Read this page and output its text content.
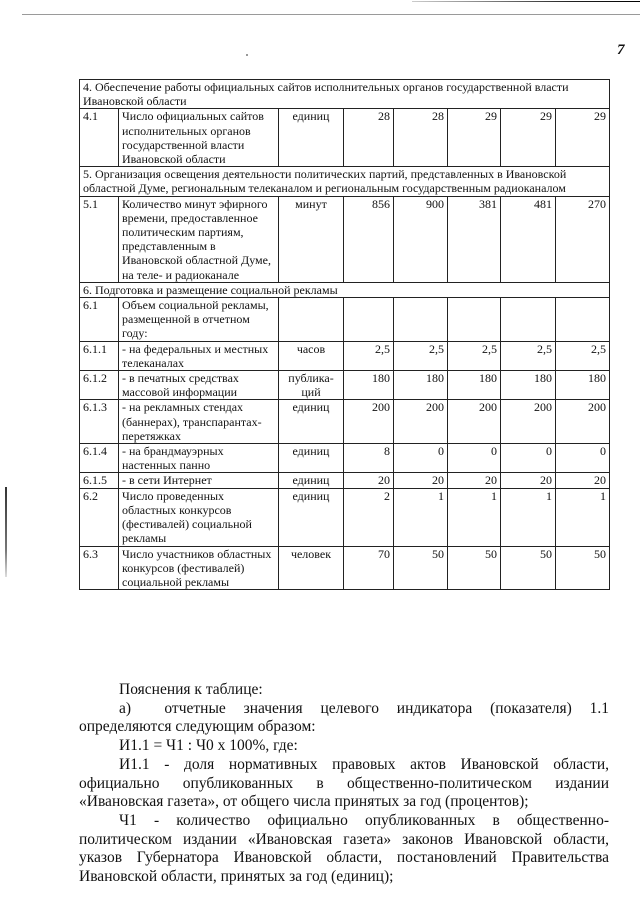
7
4. Обеспечение работы официальных сайтов исполнительных органов государственной власти Ивановской области							
4.1	Число официальных сайтов исполнительных органов государственной власти Ивановской области	единиц	28	28	29	29	29
5. Организация освещения деятельности политических партий, представленных в Ивановской областной Думе, региональным телеканалом и региональным государственным радиоканалом							
5.1	Количество минут эфирного времени, предоставленное политическим партиям, представленным в Ивановской областной Думе, на теле- и радиоканале	минут	856	900	381	481	270
6. Подготовка и размещение социальной рекламы							
6.1	Объем социальной рекламы, размещенной в отчетном году:						
6.1.1	- на федеральных и местных телеканалах	часов	2,5	2,5	2,5	2,5	2,5
6.1.2	- в печатных средствах массовой информации	публика-ций	180	180	180	180	180
6.1.3	- на рекламных стендах (баннерах), транспарантах-перетяжках	единиц	200	200	200	200	200
6.1.4	- на брандмауэрных настенных панно	единиц	8	0	0	0	0
6.1.5	- в сети Интернет	единиц	20	20	20	20	20
6.2	Число проведенных областных конкурсов (фестивалей) социальной рекламы	единиц	2	1	1	1	1
6.3	Число участников областных конкурсов (фестивалей) социальной рекламы	человек	70	50	50	50	50

Пояснения к таблице:

а)  отчетные значения целевого индикатора (показателя) 1.1 определяются следующим образом:

И1.1 = Ч1 : Ч0 х 100%, где:

И1.1 - доля нормативных правовых актов Ивановской области, официально опубликованных в общественно-политическом издании «Ивановская газета», от общего числа принятых за год (процентов);

Ч1 - количество официально опубликованных в общественно-политическом издании «Ивановская газета» законов Ивановской области, указов Губернатора Ивановской области, постановлений Правительства Ивановской области, принятых за год (единиц);
